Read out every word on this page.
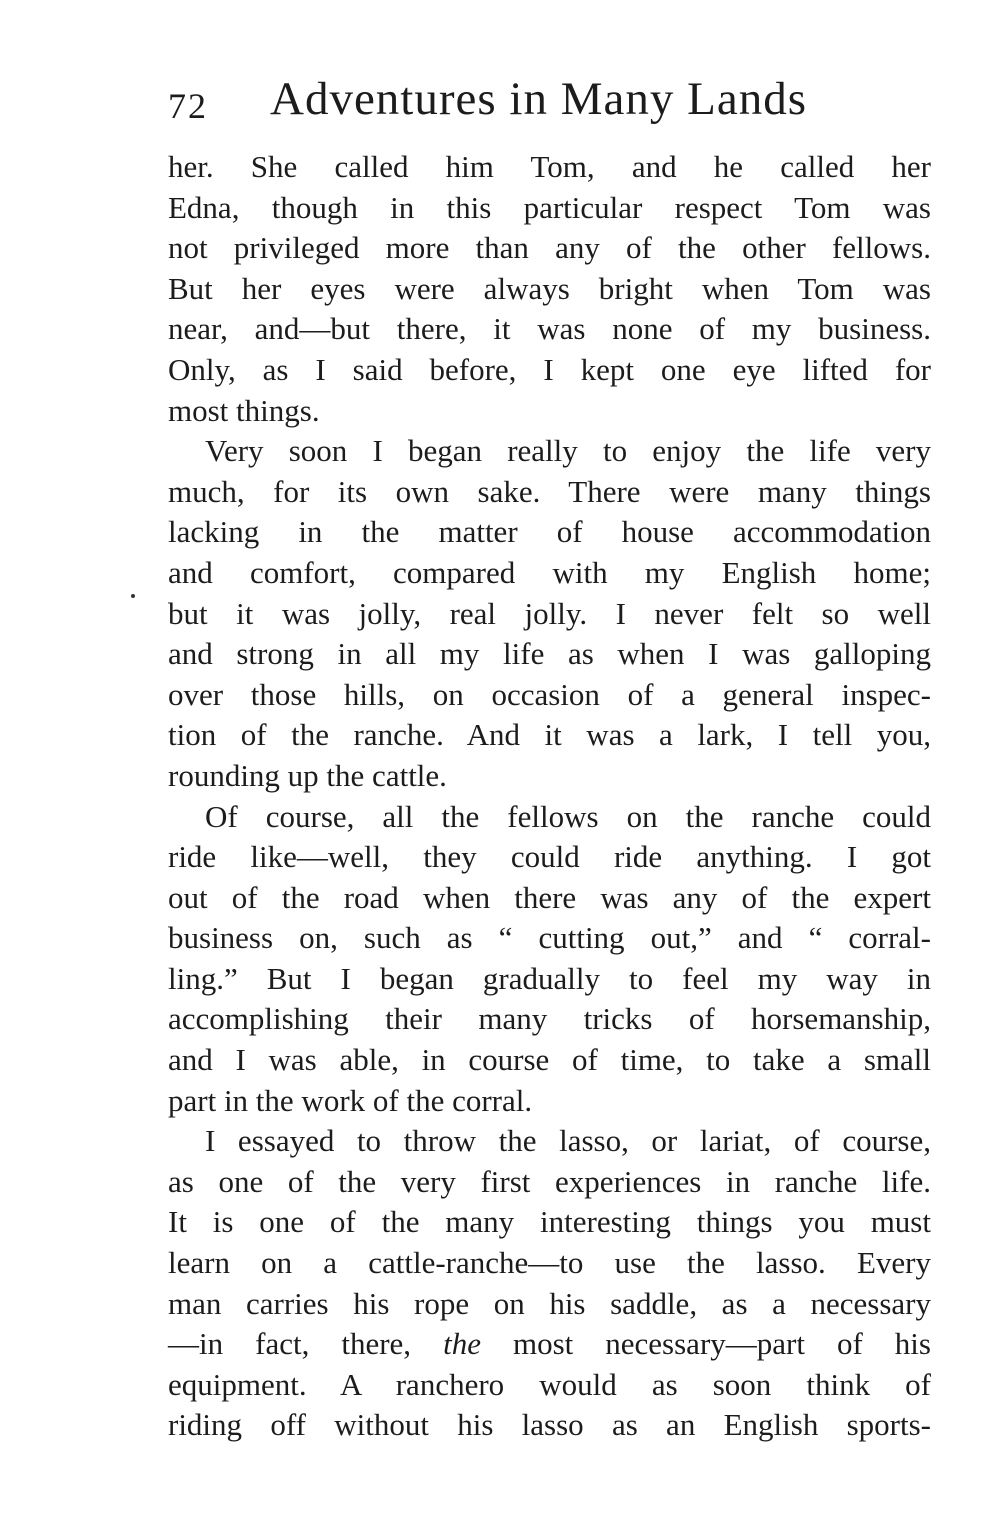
72 Adventures in Many Lands
her. She called him Tom, and he called her
Edna, though in this particular respect Tom was
not privileged more than any of the other fellows.
But her eyes were always bright when Tom was
near, and—but there, it was none of my business.
Only, as I said before, I kept one eye lifted for
most things.
Very soon I began really to enjoy the life very
much, for its own sake. There were many things
lacking in the matter of house accommodation
and comfort, compared with my English home;
but it was jolly, real jolly. I never felt so well
and strong in all my life as when I was galloping
over those hills, on occasion of a general inspec-
tion of the ranche. And it was a lark, I tell you,
rounding up the cattle.
Of course, all the fellows on the ranche could
ride like—well, they could ride anything. I got
out of the road when there was any of the expert
business on, such as “ cutting out,” and “ corral-
ling.” But I began gradually to feel my way in
accomplishing their many tricks of horsemanship,
and I was able, in course of time, to take a small
part in the work of the corral.
I essayed to throw the lasso, or lariat, of course,
as one of the very first experiences in ranche life.
It is one of the many interesting things you must
learn on a cattle-ranche—to use the lasso. Every
man carries his rope on his saddle, as a necessary
—in fact, there, the most necessary—part of his
equipment. A ranchero would as soon think of
riding off without his lasso as an English sports-
